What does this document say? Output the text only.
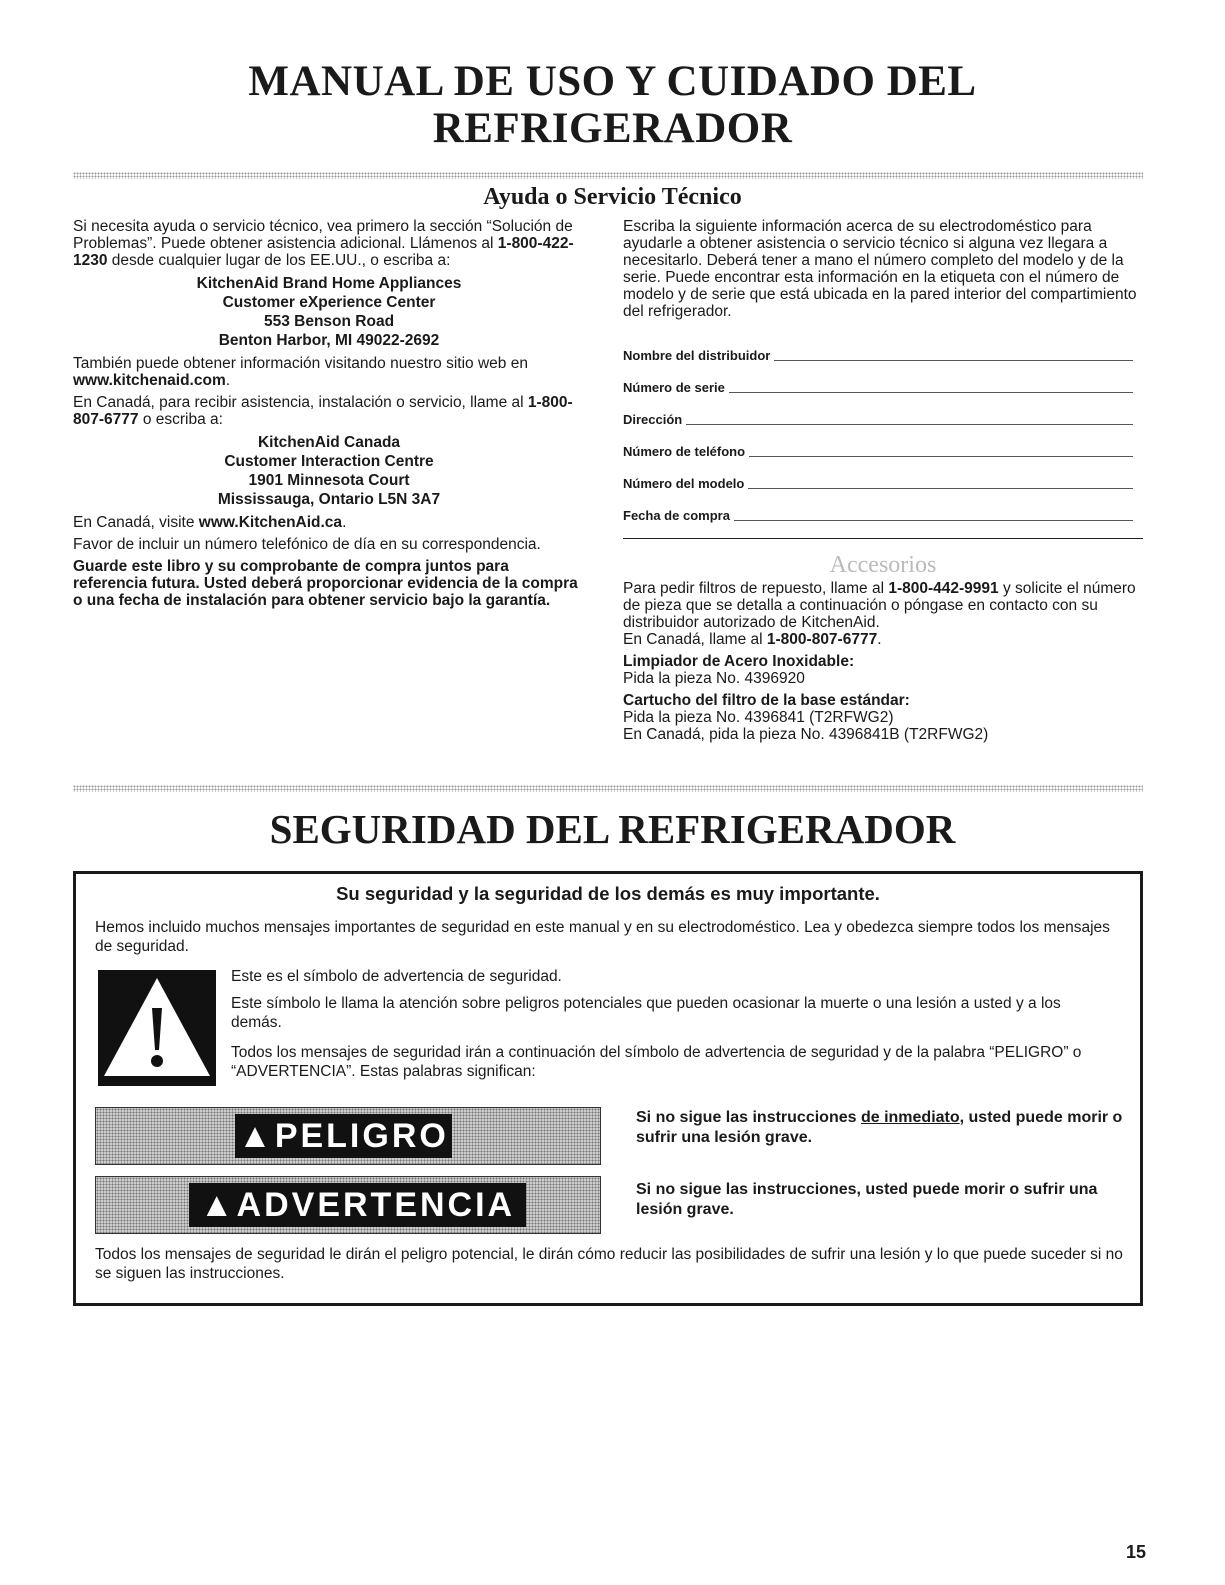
MANUAL DE USO Y CUIDADO DEL
REFRIGERADOR
Ayuda o Servicio Técnico

Si necesita ayuda o servicio técnico, vea primero la sección “Solución de Problemas”. Puede obtener asistencia adicional. Llámenos al 1-800-422-1230 desde cualquier lugar de los EE.UU., o escriba a:

KitchenAid Brand Home Appliances
Customer eXperience Center
553 Benson Road
Benton Harbor, MI 49022-2692

También puede obtener información visitando nuestro sitio web en www.kitchenaid.com.

En Canadá, para recibir asistencia, instalación o servicio, llame al 1-800-807-6777 o escriba a:

KitchenAid Canada
Customer Interaction Centre
1901 Minnesota Court
Mississauga, Ontario L5N 3A7

En Canadá, visite www.KitchenAid.ca.

Favor de incluir un número telefónico de día en su correspondencia.

Guarde este libro y su comprobante de compra juntos para referencia futura. Usted deberá proporcionar evidencia de la compra o una fecha de instalación para obtener servicio bajo la garantía.

Escriba la siguiente información acerca de su electrodoméstico para ayudarle a obtener asistencia o servicio técnico si alguna vez llegara a necesitarlo. Deberá tener a mano el número completo del modelo y de la serie. Puede encontrar esta información en la etiqueta con el número de modelo y de serie que está ubicada en la pared interior del compartimiento del refrigerador.

Nombre del distribuidor
Número de serie
Dirección
Número de teléfono
Número del modelo
Fecha de compra
Accesorios

Para pedir filtros de repuesto, llame al 1-800-442-9991 y solicite el número de pieza que se detalla a continuación o póngase en contacto con su distribuidor autorizado de KitchenAid.

En Canadá, llame al 1-800-807-6777.

Limpiador de Acero Inoxidable:

Pida la pieza No. 4396920

Cartucho del filtro de la base estándar:
Pida la pieza No. 4396841 (T2RFWG2)
En Canadá, pida la pieza No. 4396841B (T2RFWG2)
SEGURIDAD DEL REFRIGERADOR
Su seguridad y la seguridad de los demás es muy importante.
Hemos incluido muchos mensajes importantes de seguridad en este manual y en su electrodoméstico. Lea y obedezca siempre todos los mensajes de seguridad.
Este es el símbolo de advertencia de seguridad.
Este símbolo le llama la atención sobre peligros potenciales que pueden ocasionar la muerte o una lesión a usted y a los demás.
Todos los mensajes de seguridad irán a continuación del símbolo de advertencia de seguridad y de la palabra “PELIGRO” o “ADVERTENCIA”. Estas palabras significan:
▲PELIGRO	Si no sigue las instrucciones de inmediato, usted puede morir o sufrir una lesión grave.
▲ADVERTENCIA	Si no sigue las instrucciones, usted puede morir o sufrir una lesión grave.
Todos los mensajes de seguridad le dirán el peligro potencial, le dirán cómo reducir las posibilidades de sufrir una lesión y lo que puede suceder si no se siguen las instrucciones.
15
